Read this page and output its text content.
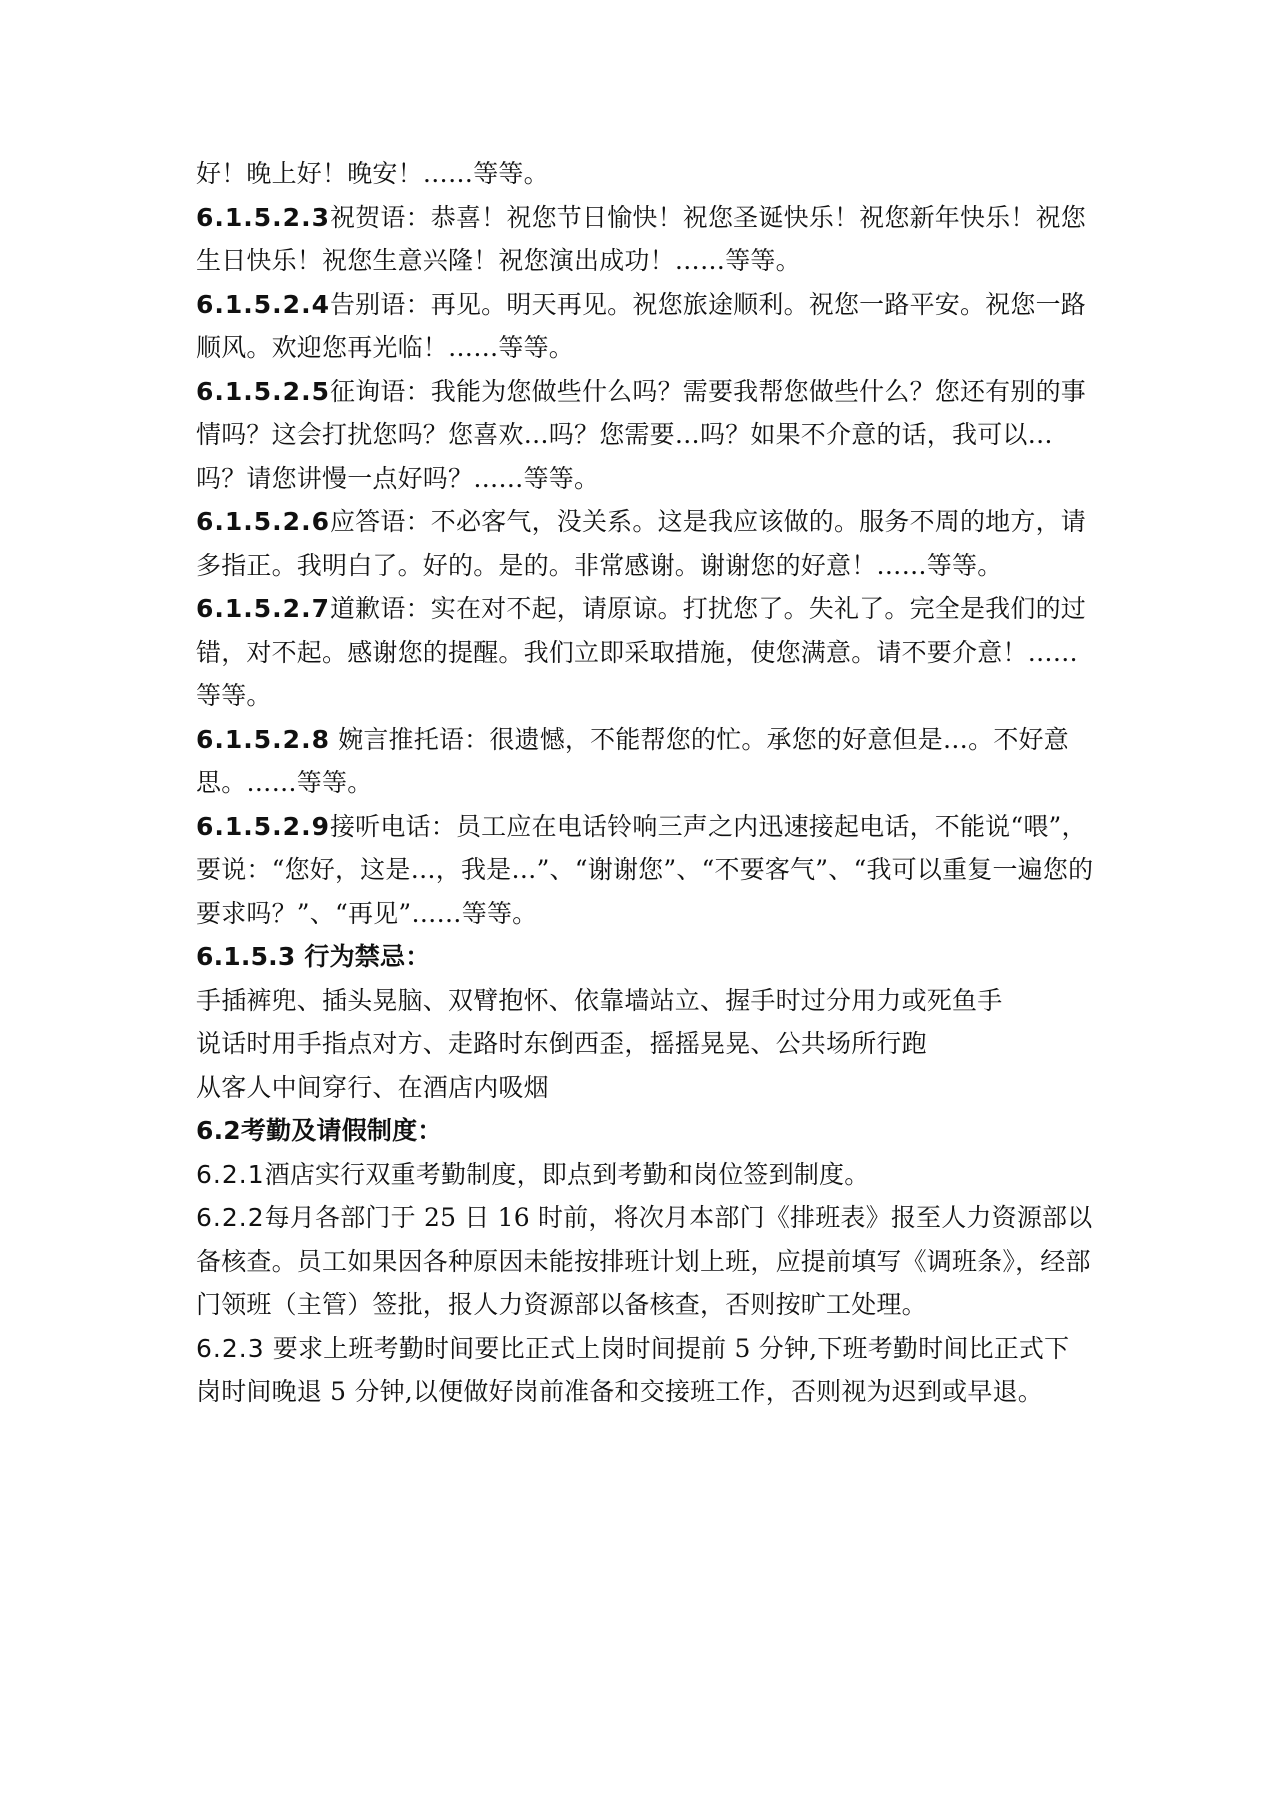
好！晚上好！晚安！……等等。

6.1.5.2.3祝贺语：恭喜！祝您节日愉快！祝您圣诞快乐！祝您新年快乐！祝您生日快乐！祝您生意兴隆！祝您演出成功！……等等。

6.1.5.2.4告别语：再见。明天再见。祝您旅途顺利。祝您一路平安。祝您一路顺风。欢迎您再光临！……等等。

6.1.5.2.5征询语：我能为您做些什么吗？需要我帮您做些什么？您还有别的事情吗？这会打扰您吗？您喜欢…吗？您需要…吗？如果不介意的话，我可以…吗？请您讲慢一点好吗？……等等。

6.1.5.2.6应答语：不必客气，没关系。这是我应该做的。服务不周的地方，请多指正。我明白了。好的。是的。非常感谢。谢谢您的好意！……等等。

6.1.5.2.7道歉语：实在对不起，请原谅。打扰您了。失礼了。完全是我们的过错，对不起。感谢您的提醒。我们立即采取措施，使您满意。请不要介意！……等等。

6.1.5.2.8 婉言推托语：很遗憾，不能帮您的忙。承您的好意但是…。不好意思。……等等。

6.1.5.2.9接听电话：员工应在电话铃响三声之内迅速接起电话，不能说“喂”，要说：“您好，这是…，我是…”、“谢谢您”、“不要客气”、“我可以重复一遍您的要求吗？”、“再见”……等等。

6.1.5.3 行为禁忌：

手插裤兜、插头晃脑、双臂抱怀、依靠墙站立、握手时过分用力或死鱼手

说话时用手指点对方、走路时东倒西歪，摇摇晃晃、公共场所行跑

从客人中间穿行、在酒店内吸烟

6.2考勤及请假制度：

6.2.1酒店实行双重考勤制度，即点到考勤和岗位签到制度。

6.2.2每月各部门于 25 日 16 时前，将次月本部门《排班表》报至人力资源部以备核查。员工如果因各种原因未能按排班计划上班，应提前填写《调班条》，经部门领班（主管）签批，报人力资源部以备核查，否则按旷工处理。

6.2.3 要求上班考勤时间要比正式上岗时间提前 5 分钟,下班考勤时间比正式下岗时间晚退 5 分钟,以便做好岗前准备和交接班工作，否则视为迟到或早退。
